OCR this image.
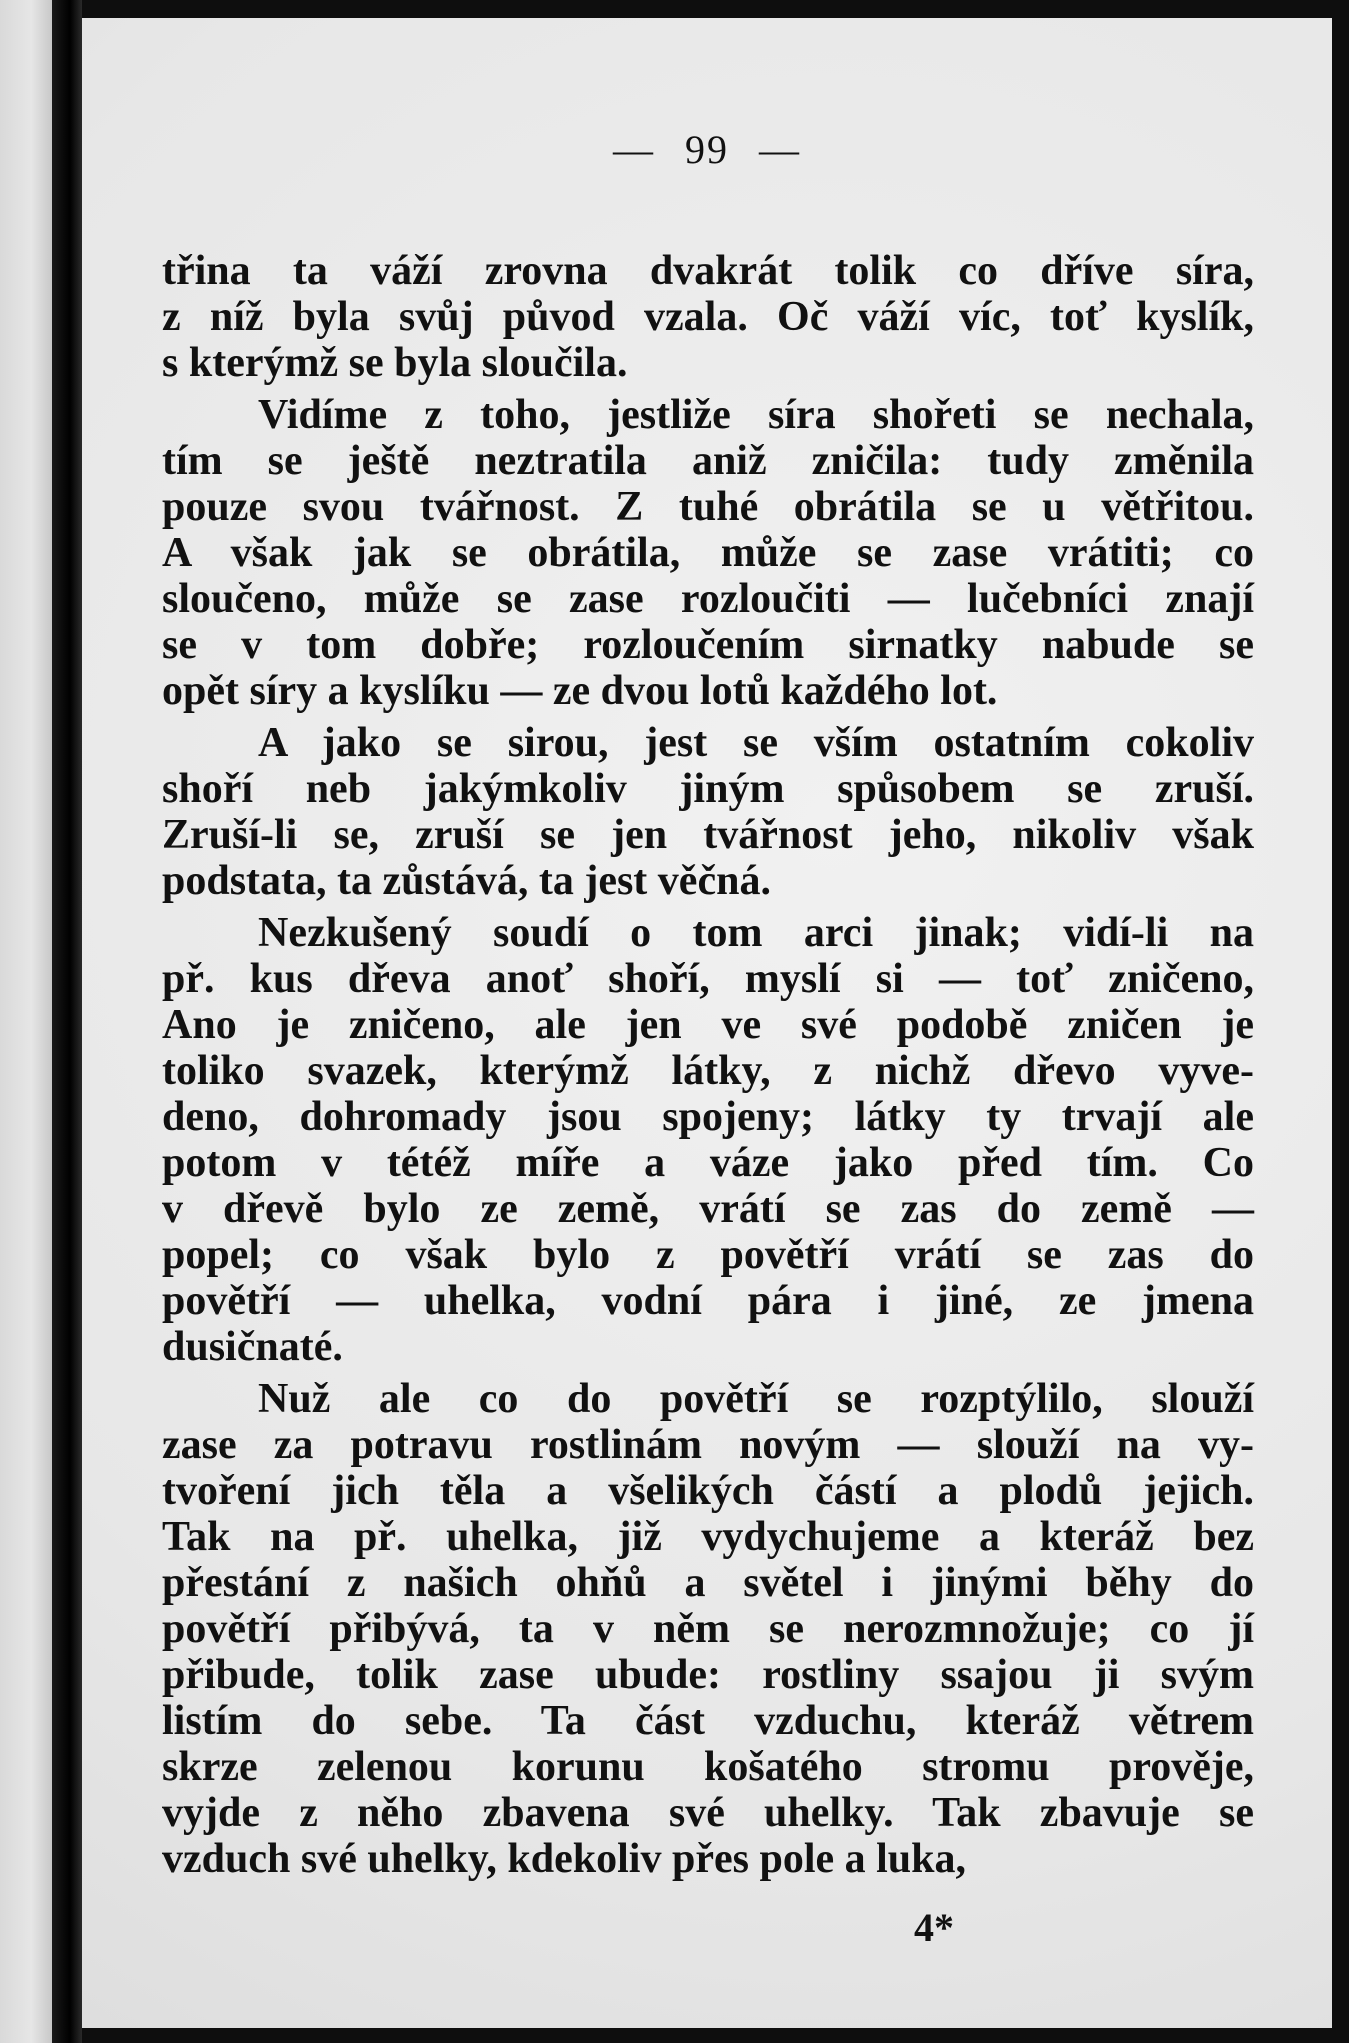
— 99 —
třina ta váží zrovna dvakrát tolik co dříve síra,
z níž byla svůj původ vzala. Oč váží víc, toť kyslík,
s kterýmž se byla sloučila.
Vidíme z toho, jestliže síra shořeti se nechala,
tím se ještě neztratila aniž zničila: tudy změnila
pouze svou tvářnost. Z tuhé obrátila se u větřitou.
A však jak se obrátila, může se zase vrátiti; co
sloučeno, může se zase rozloučiti — lučebníci znají
se v tom dobře; rozloučením sirnatky nabude se
opět síry a kyslíku — ze dvou lotů každého lot.
A jako se sirou, jest se vším ostatním cokoliv
shoří neb jakýmkoliv jiným spůsobem se zruší.
Zruší-li se, zruší se jen tvářnost jeho, nikoliv však
podstata, ta zůstává, ta jest věčná.
Nezkušený soudí o tom arci jinak; vidí-li na
př. kus dřeva anoť shoří, myslí si — toť zničeno,
Ano je zničeno, ale jen ve své podobě zničen je
toliko svazek, kterýmž látky, z nichž dřevo vyve-
deno, dohromady jsou spojeny; látky ty trvají ale
potom v tétéž míře a váze jako před tím. Co
v dřevě bylo ze země, vrátí se zas do země —
popel; co však bylo z povětří vrátí se zas do
povětří — uhelka, vodní pára i jiné, ze jmena
dusičnaté.
Nuž ale co do povětří se rozptýlilo, slouží
zase za potravu rostlinám novým — slouží na vy-
tvoření jich těla a všelikých částí a plodů jejich.
Tak na př. uhelka, již vydychujeme a kteráž bez
přestání z našich ohňů a světel i jinými běhy do
povětří přibývá, ta v něm se nerozmnožuje; co jí
přibude, tolik zase ubude: rostliny ssajou ji svým
listím do sebe. Ta část vzduchu, kteráž větrem
skrze zelenou korunu košatého stromu prověje,
vyjde z něho zbavena své uhelky. Tak zbavuje se
vzduch své uhelky, kdekoliv přes pole a luka,
4*
